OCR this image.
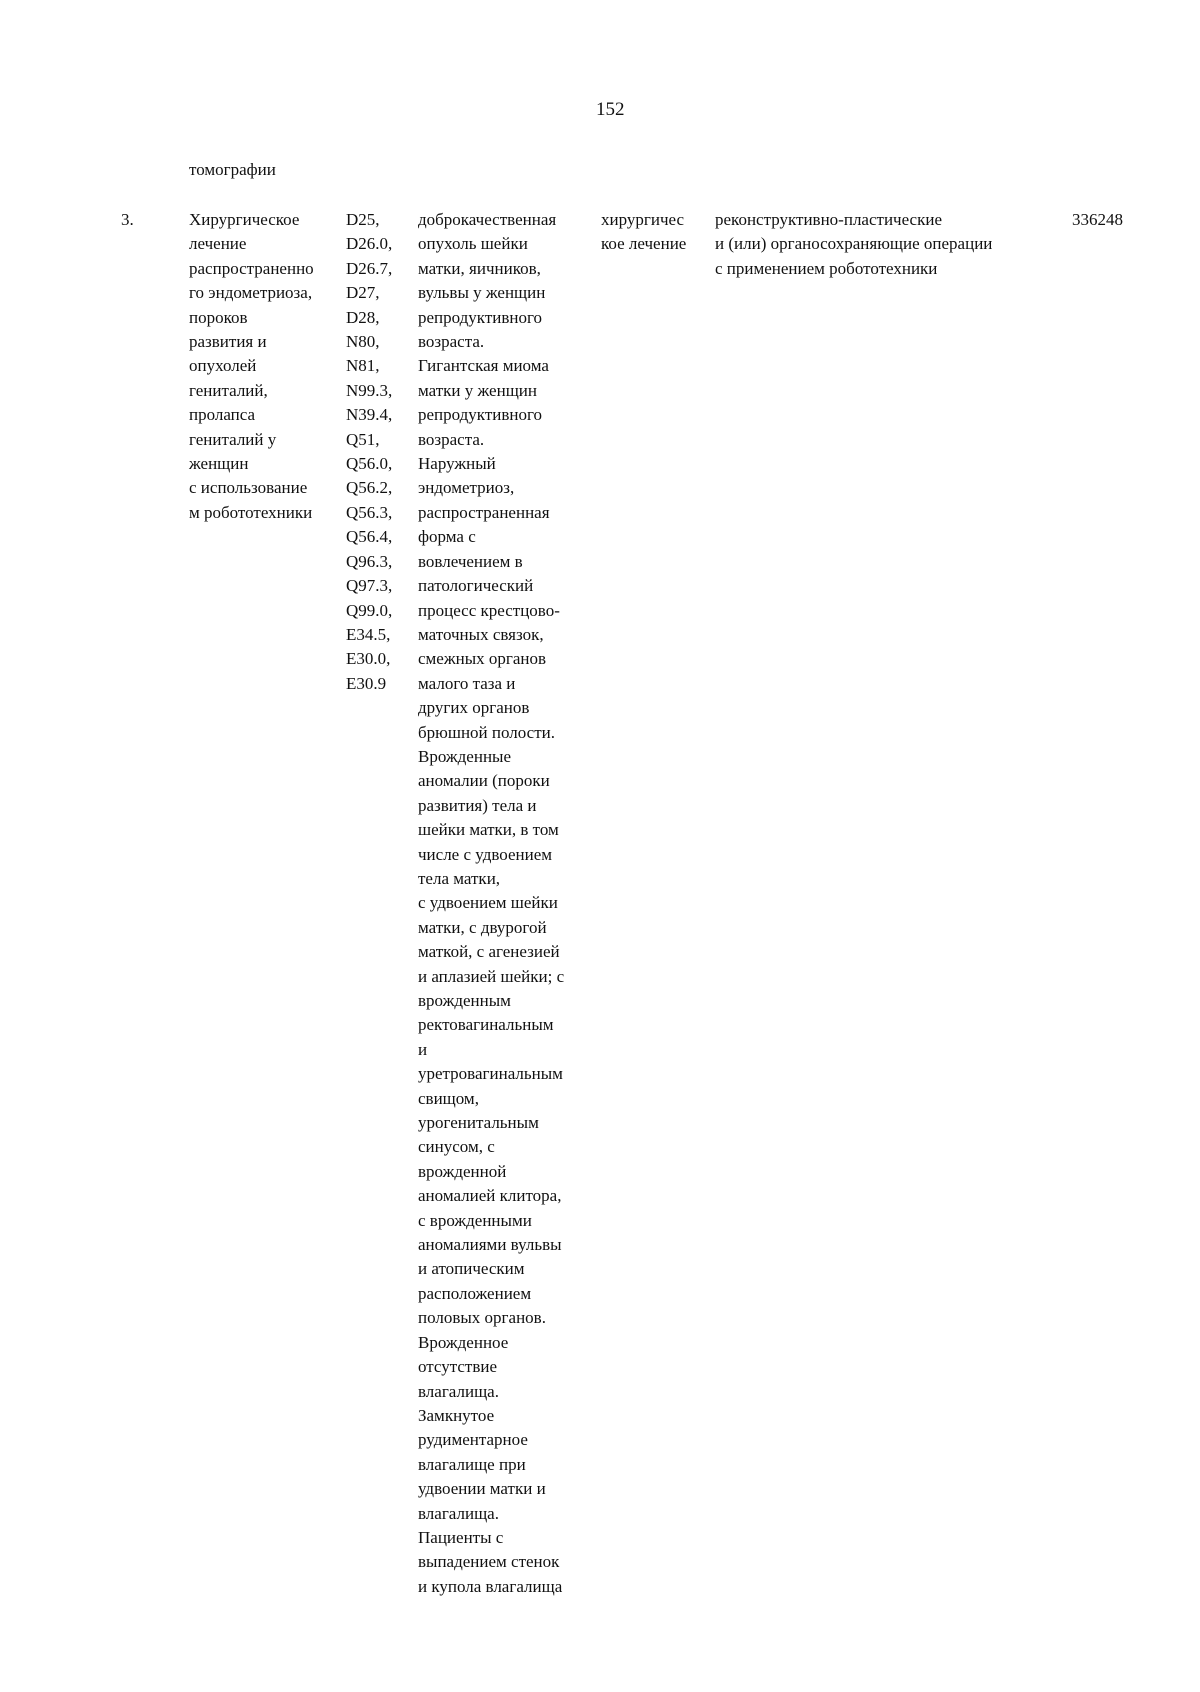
152
томографии
3.	Хирургическое
лечение
распространенно
го эндометриоза,
пороков
развития и
опухолей
гениталий,
пролапса
гениталий у
женщин
с использование
м робототехники
D25,
D26.0,
D26.7,
D27,
D28,
N80,
N81,
N99.3,
N39.4,
Q51,
Q56.0,
Q56.2,
Q56.3,
Q56.4,
Q96.3,
Q97.3,
Q99.0,
E34.5,
E30.0,
E30.9
доброкачественная
опухоль шейки
матки, яичников,
вульвы у женщин
репродуктивного
возраста.
Гигантская миома
матки у женщин
репродуктивного
возраста.
Наружный
эндометриоз,
распространенная
форма с
вовлечением в
патологический
процесс крестцово-
маточных связок,
смежных органов
малого таза и
других органов
брюшной полости.
Врожденные
аномалии (пороки
развития) тела и
шейки матки, в том
числе с удвоением
тела матки,
с удвоением шейки
матки, с двурогой
маткой, с агенезией
и аплазией шейки; с
врожденным
ректовагинальным
и
уретровагинальным
свищом,
урогенитальным
синусом, с
врожденной
аномалией клитора,
с врожденными
аномалиями вульвы
и атопическим
расположением
половых органов.
Врожденное
отсутствие
влагалища.
Замкнутое
рудиментарное
влагалище при
удвоении матки и
влагалища.
Пациенты с
выпадением стенок
и купола влагалища
хирургичес
кое лечение
реконструктивно-пластические
и (или) органосохраняющие операции
с применением робототехники
336248
